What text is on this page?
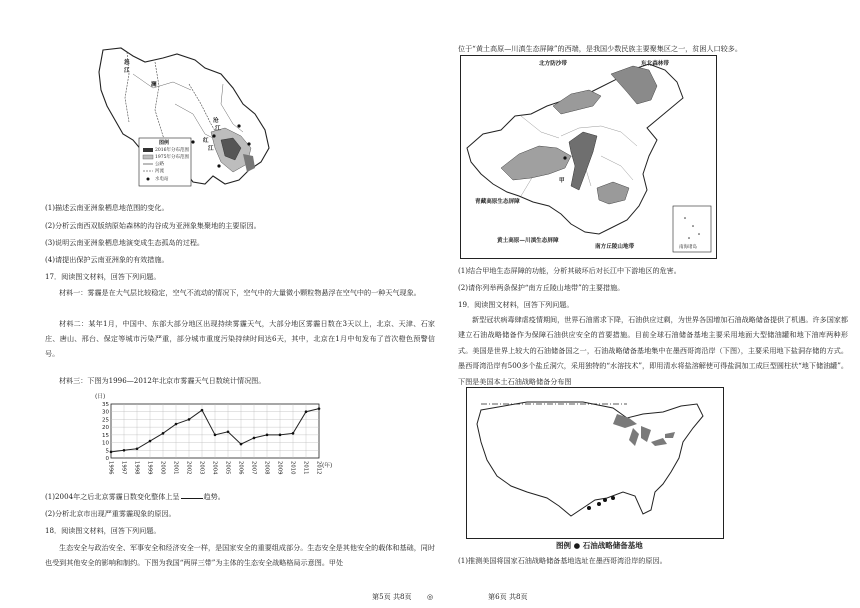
怒
江
澜
沧
江
红
江
图例
2016年分布范围
1975年分布范围
公路
河流
水电站
(1)描述云南亚洲象栖息地范围的变化。
(2)分析云南西双版纳原始森林的沟谷成为亚洲象集聚地的主要原因。
(3)说明云南亚洲象栖息地演变成生态孤岛的过程。
(4)请提出保护云南亚洲象的有效措施。
17．阅读图文材料，回答下列问题。
材料一：雾霾是在大气层比较稳定，空气不流动的情况下，空气中的大量微小颗粒物悬浮在空气中的一种天气现象。
材料二：某年1月，中国中、东部大部分地区出现持续雾霾天气，大部分地区雾霾日数在3天以上，北京、天津、石家庄、唐山、邢台、保定等城市污染严重，部分城市重度污染持续时间达6天，其中，北京在1月中旬发布了首次橙色预警信号。
材料三：下图为1996—2012年北京市雾霾天气日数统计情况图。
0
5
10
15
20
25
30
35
1996 1997 1998 1999 2000 2001 2002 2003 2004 2005 2006 2007 2008 2009 2010 2011 2012
(日)
(年)
(1)2004年之后北京雾霾日数变化整体上呈	趋势。
(2)分析北京市出现严重雾霾现象的原因。
18．阅读图文材料，回答下列问题。
生态安全与政治安全、军事安全和经济安全一样，是国家安全的重要组成部分。生态安全是其他安全的载体和基础，同时也受到其他安全的影响和制约。下图为我国“两屏三带”为主体的生态安全战略格局示意图。甲处
位于“黄土高原—川滇生态屏障”的西端，是我国少数民族主要聚集区之一，贫困人口较多。
北方防沙带	东北森林带
青藏高原生态屏障
黄土高原—川滇生态屏障
南方丘陵山地带
甲
南海诸岛
(1)结合甲地生态屏障的功能，分析其破坏后对长江中下游地区的危害。
(2)请你列举两条保护“南方丘陵山地带”的主要措施。
19．阅读图文材料，回答下列问题。
新型冠状病毒肆虐疫情期间，世界石油需求下降，石油供应过剩，为世界各国增加石油战略储备提供了机遇。许多国家都建立石油战略储备作为保障石油供应安全的首要措施。目前全球石油储备基地主要采用地面大型储油罐和地下油库两种形式。美国是世界上较大的石油储备国之一，石油战略储备基地集中在墨西哥湾沿岸（下图），主要采用地下盐洞存储的方式。墨西哥湾沿岸有500多个盐丘洞穴，采用独特的“水溶技术”，即用清水将盐溶解使可得盐洞加工成巨型圆柱状“地下储油罐”。下图是美国本土石油战略储备分布图
图例 ● 石油战略储备基地
(1)推测美国将国家石油战略储备基地选址在墨西哥湾沿岸的原因。
第5页 共8页 ◎	第6页 共8页
